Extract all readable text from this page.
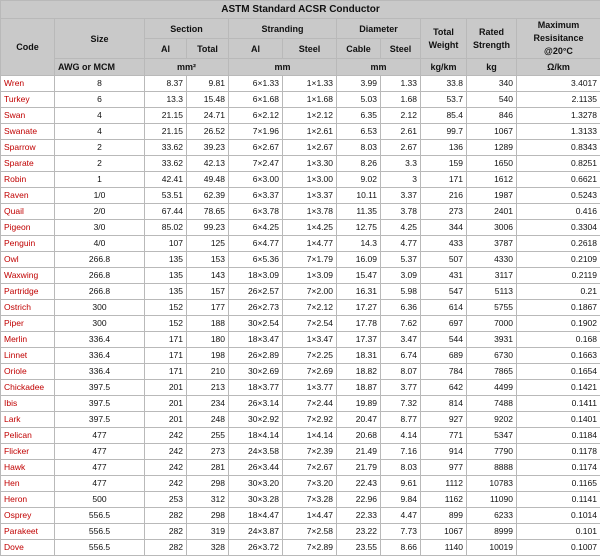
ASTM Standard ACSR Conductor										
Code	Size	Section		Stranding		Diameter		Total Weight	Rated Strength	Maximum Resisitance @20°C
		Al	Total	Al	Steel	Cable	Steel			
	AWG or MCM	mm²		mm		mm		kg/km	kg	Ω/km
Wren	8	8.37	9.81	6×1.33	1×1.33	3.99	1.33	33.8	340	3.4017
Turkey	6	13.3	15.48	6×1.68	1×1.68	5.03	1.68	53.7	540	2.1135
Swan	4	21.15	24.71	6×2.12	1×2.12	6.35	2.12	85.4	846	1.3278
Swanate	4	21.15	26.52	7×1.96	1×2.61	6.53	2.61	99.7	1067	1.3133
Sparrow	2	33.62	39.23	6×2.67	1×2.67	8.03	2.67	136	1289	0.8343
Sparate	2	33.62	42.13	7×2.47	1×3.30	8.26	3.3	159	1650	0.8251
Robin	1	42.41	49.48	6×3.00	1×3.00	9.02	3	171	1612	0.6621
Raven	1/0	53.51	62.39	6×3.37	1×3.37	10.11	3.37	216	1987	0.5243
Quail	2/0	67.44	78.65	6×3.78	1×3.78	11.35	3.78	273	2401	0.416
Pigeon	3/0	85.02	99.23	6×4.25	1×4.25	12.75	4.25	344	3006	0.3304
Penguin	4/0	107	125	6×4.77	1×4.77	14.3	4.77	433	3787	0.2618
Owl	266.8	135	153	6×5.36	7×1.79	16.09	5.37	507	4330	0.2109
Waxwing	266.8	135	143	18×3.09	1×3.09	15.47	3.09	431	3117	0.2119
Partridge	266.8	135	157	26×2.57	7×2.00	16.31	5.98	547	5113	0.21
Ostrich	300	152	177	26×2.73	7×2.12	17.27	6.36	614	5755	0.1867
Piper	300	152	188	30×2.54	7×2.54	17.78	7.62	697	7000	0.1902
Merlin	336.4	171	180	18×3.47	1×3.47	17.37	3.47	544	3931	0.168
Linnet	336.4	171	198	26×2.89	7×2.25	18.31	6.74	689	6730	0.1663
Oriole	336.4	171	210	30×2.69	7×2.69	18.82	8.07	784	7865	0.1654
Chickadee	397.5	201	213	18×3.77	1×3.77	18.87	3.77	642	4499	0.1421
Ibis	397.5	201	234	26×3.14	7×2.44	19.89	7.32	814	7488	0.1411
Lark	397.5	201	248	30×2.92	7×2.92	20.47	8.77	927	9202	0.1401
Pelican	477	242	255	18×4.14	1×4.14	20.68	4.14	771	5347	0.1184
Flicker	477	242	273	24×3.58	7×2.39	21.49	7.16	914	7790	0.1178
Hawk	477	242	281	26×3.44	7×2.67	21.79	8.03	977	8888	0.1174
Hen	477	242	298	30×3.20	7×3.20	22.43	9.61	1112	10783	0.1165
Heron	500	253	312	30×3.28	7×3.28	22.96	9.84	1162	11090	0.1141
Osprey	556.5	282	298	18×4.47	1×4.47	22.33	4.47	899	6233	0.1014
Parakeet	556.5	282	319	24×3.87	7×2.58	23.22	7.73	1067	8999	0.101
Dove	556.5	282	328	26×3.72	7×2.89	23.55	8.66	1140	10019	0.1007
